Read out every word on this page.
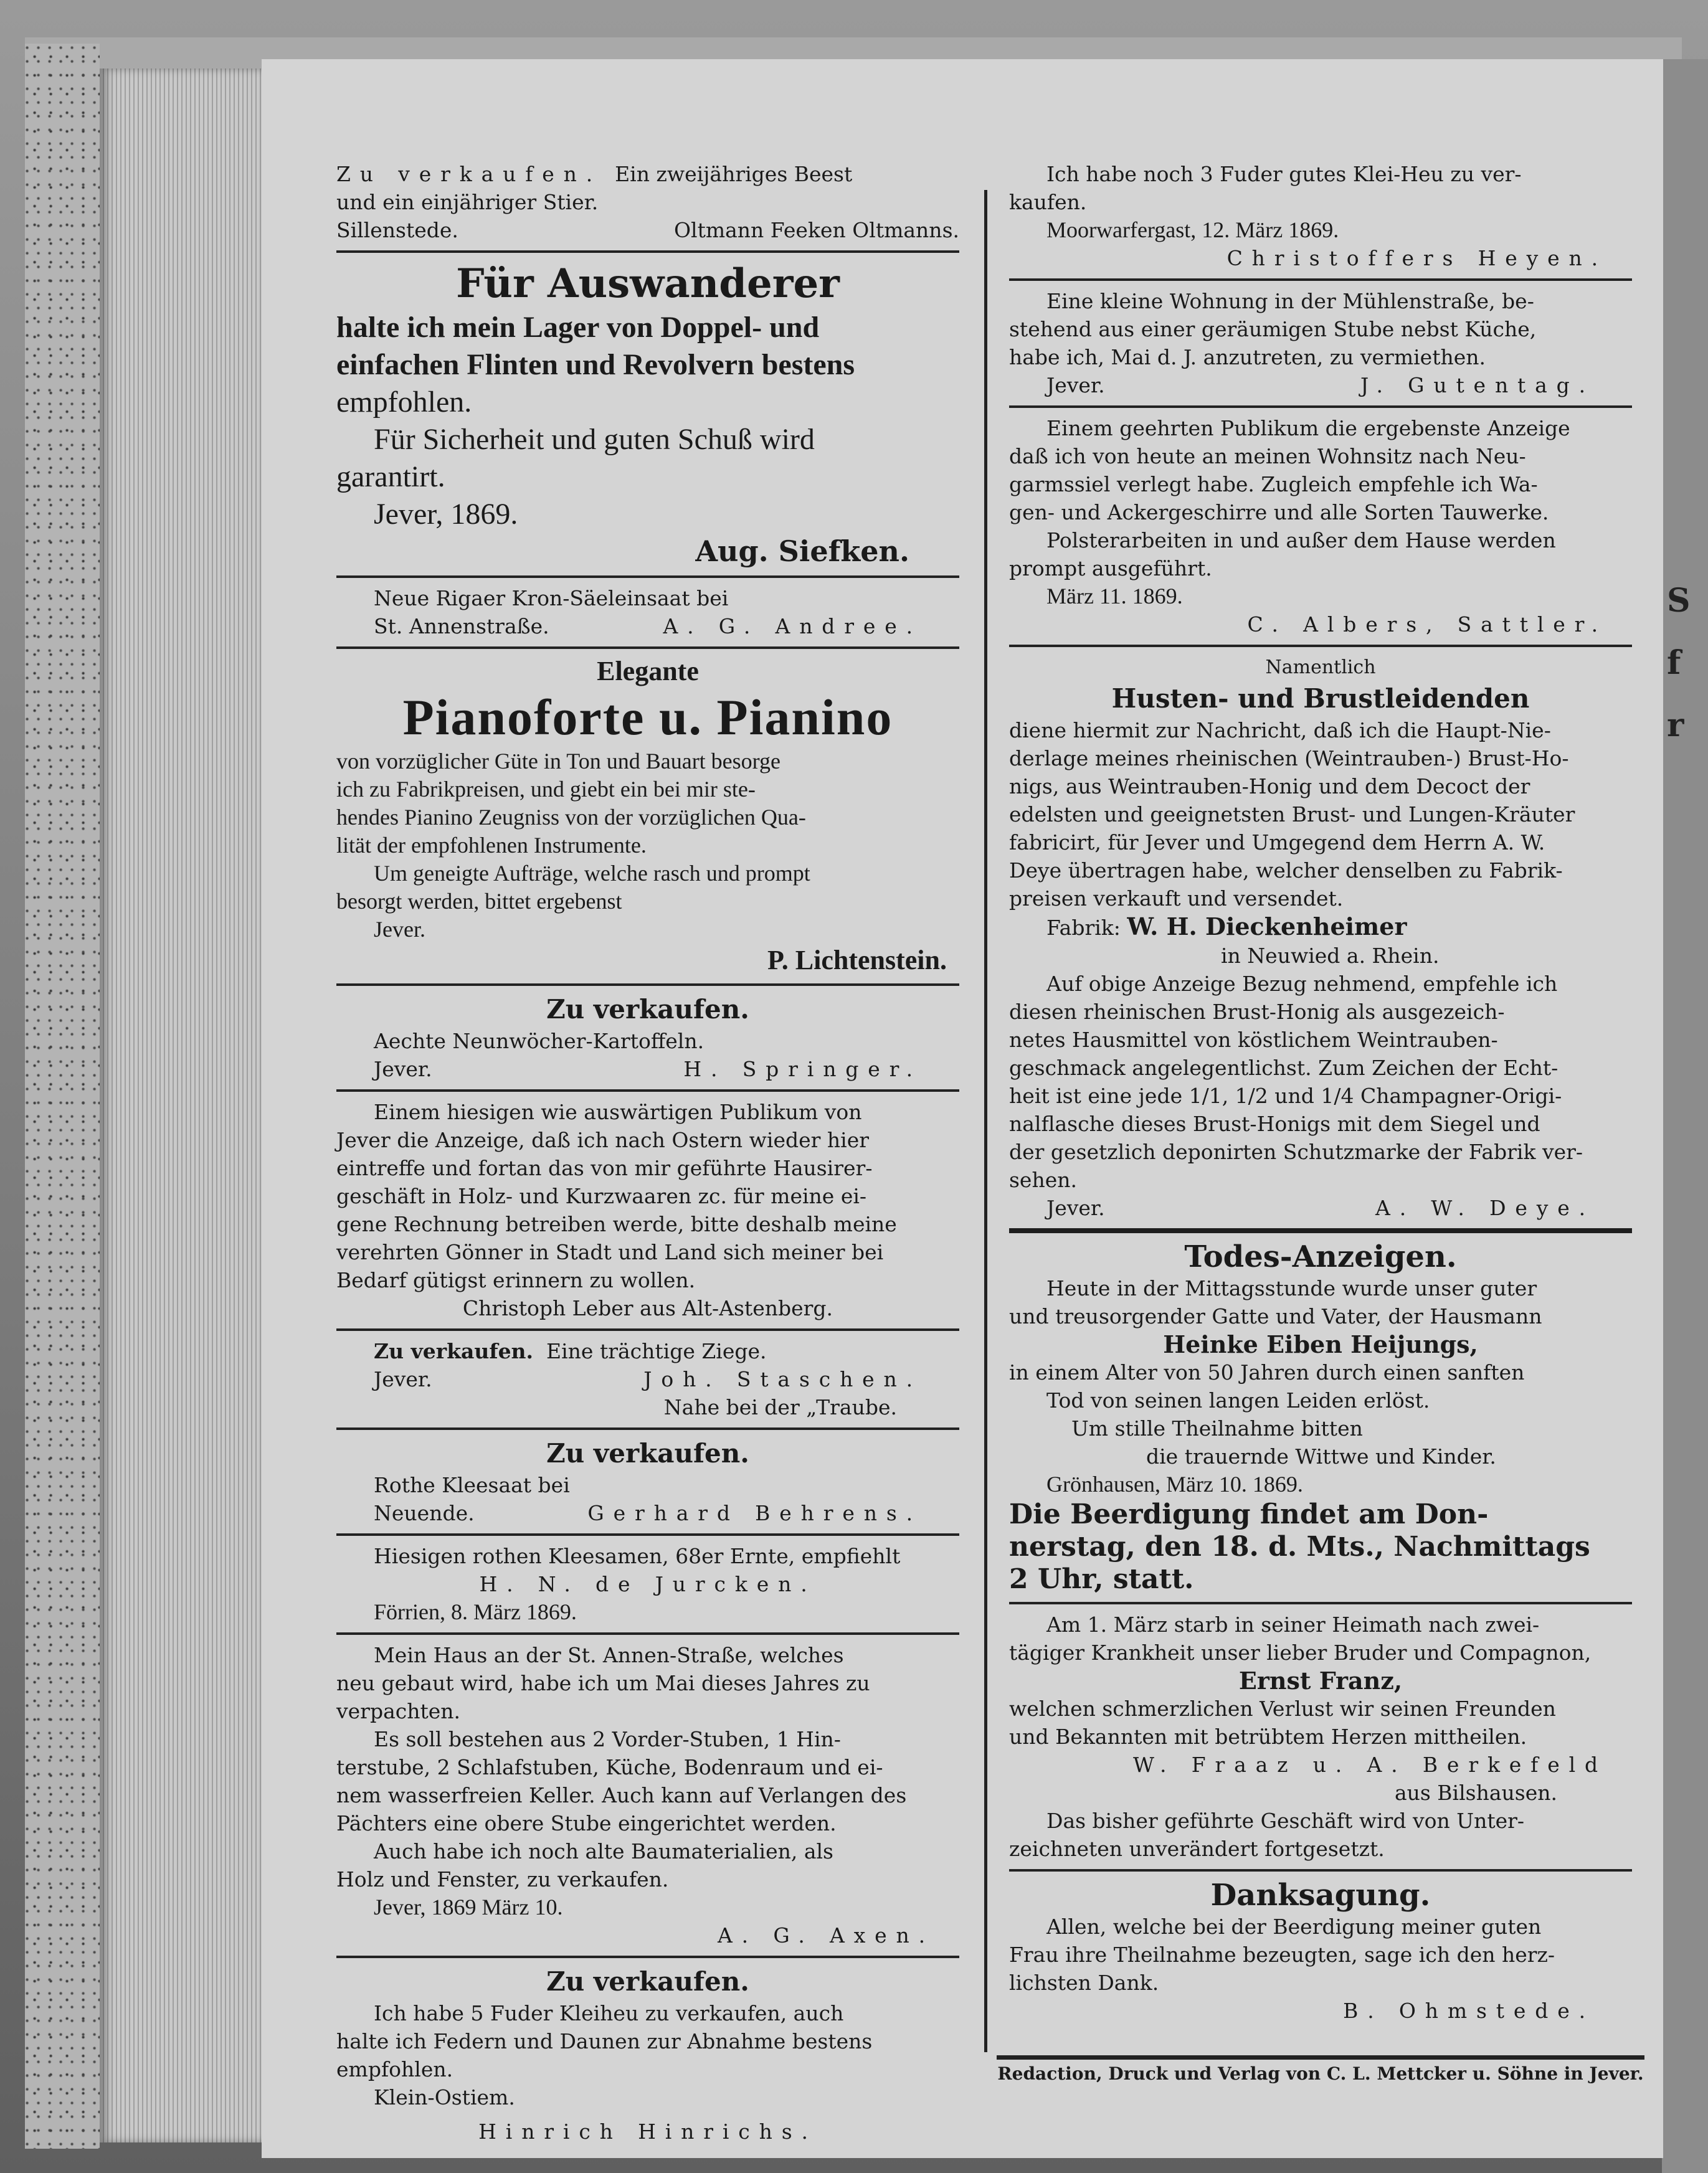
S
f
r

Zu verkaufen. Ein zweijähriges Beest

und ein einjähriger Stier.

Sillenstede.	Oltmann Feeken Oltmanns.
Für Auswanderer

halte ich mein Lager von Doppel- und

einfachen Flinten und Revolvern bestens

empfohlen.

Für Sicherheit und guten Schuß wird

garantirt.

Jever, 1869.

Aug. Siefken.

Neue Rigaer Kron-Säeleinsaat bei

St. Annenstraße.	A. G. Andree.

Elegante

Pianoforte u. Pianino

von vorzüglicher Güte in Ton und Bauart besorge

ich zu Fabrikpreisen, und giebt ein bei mir ste-

hendes Pianino Zeugniss von der vorzüglichen Qua-

lität der empfohlenen Instrumente.

Um geneigte Aufträge, welche rasch und prompt

besorgt werden, bittet ergebenst

Jever.

P. Lichtenstein.

Zu verkaufen.

Aechte Neunwöcher-Kartoffeln.

Jever.	H. Springer.

Einem hiesigen wie auswärtigen Publikum von

Jever die Anzeige, daß ich nach Ostern wieder hier

eintreffe und fortan das von mir geführte Hausirer-

geschäft in Holz- und Kurzwaaren zc. für meine ei-

gene Rechnung betreiben werde, bitte deshalb meine

verehrten Gönner in Stadt und Land sich meiner bei

Bedarf gütigst erinnern zu wollen.

Christoph Leber aus Alt-Astenberg.

Zu verkaufen. Eine trächtige Ziege.

Jever.	Joh. Staschen.

Nahe bei der „Traube.

Zu verkaufen.

Rothe Kleesaat bei

Neuende.	Gerhard Behrens.

Hiesigen rothen Kleesamen, 68er Ernte, empfiehlt

H. N. de Jurcken.

Förrien, 8. März 1869.

Mein Haus an der St. Annen-Straße, welches

neu gebaut wird, habe ich um Mai dieses Jahres zu

verpachten.

Es soll bestehen aus 2 Vorder-Stuben, 1 Hin-

terstube, 2 Schlafstuben, Küche, Bodenraum und ei-

nem wasserfreien Keller. Auch kann auf Verlangen des

Pächters eine obere Stube eingerichtet werden.

Auch habe ich noch alte Baumaterialien, als

Holz und Fenster, zu verkaufen.

Jever, 1869 März 10.

A. G. Axen.

Zu verkaufen.

Ich habe 5 Fuder Kleiheu zu verkaufen, auch

halte ich Federn und Daunen zur Abnahme bestens

empfohlen.

Klein-Ostiem.

Hinrich Hinrichs.

Ich habe noch 3 Fuder gutes Klei-Heu zu ver-

kaufen.

Moorwarfergast, 12. März 1869.

Christoffers Heyen.

Eine kleine Wohnung in der Mühlenstraße, be-

stehend aus einer geräumigen Stube nebst Küche,

habe ich, Mai d. J. anzutreten, zu vermiethen.

Jever.	J. Gutentag.

Einem geehrten Publikum die ergebenste Anzeige

daß ich von heute an meinen Wohnsitz nach Neu-

garmssiel verlegt habe. Zugleich empfehle ich Wa-

gen- und Ackergeschirre und alle Sorten Tauwerke.

Polsterarbeiten in und außer dem Hause werden

prompt ausgeführt.

März 11. 1869.

C. Albers, Sattler.

Namentlich

Husten- und Brustleidenden

diene hiermit zur Nachricht, daß ich die Haupt-Nie-

derlage meines rheinischen (Weintrauben-) Brust-Ho-

nigs, aus Weintrauben-Honig und dem Decoct der

edelsten und geeignetsten Brust- und Lungen-Kräuter

fabricirt, für Jever und Umgegend dem Herrn A. W.

Deye übertragen habe, welcher denselben zu Fabrik-

preisen verkauft und versendet.

Fabrik: W. H. Dieckenheimer

in Neuwied a. Rhein.

Auf obige Anzeige Bezug nehmend, empfehle ich

diesen rheinischen Brust-Honig als ausgezeich-

netes Hausmittel von köstlichem Weintrauben-

geschmack angelegentlichst. Zum Zeichen der Echt-

heit ist eine jede 1/1, 1/2 und 1/4 Champagner-Origi-

nalflasche dieses Brust-Honigs mit dem Siegel und

der gesetzlich deponirten Schutzmarke der Fabrik ver-

sehen.

Jever.	A. W. Deye.

Todes-Anzeigen.

Heute in der Mittagsstunde wurde unser guter

und treusorgender Gatte und Vater, der Hausmann

Heinke Eiben Heijungs,

in einem Alter von 50 Jahren durch einen sanften

Tod von seinen langen Leiden erlöst.

Um stille Theilnahme bitten

die trauernde Wittwe und Kinder.

Grönhausen, März 10. 1869.

Die Beerdigung findet am Don-

nerstag, den 18. d. Mts., Nachmittags

2 Uhr, statt.

Am 1. März starb in seiner Heimath nach zwei-

tägiger Krankheit unser lieber Bruder und Compagnon,

Ernst Franz,

welchen schmerzlichen Verlust wir seinen Freunden

und Bekannten mit betrübtem Herzen mittheilen.

W. Fraaz u. A. Berkefeld

aus Bilshausen.

Das bisher geführte Geschäft wird von Unter-

zeichneten unverändert fortgesetzt.

Danksagung.

Allen, welche bei der Beerdigung meiner guten

Frau ihre Theilnahme bezeugten, sage ich den herz-

lichsten Dank.

B. Ohmstede.

Redaction, Druck und Verlag von C. L. Mettcker u. Söhne in Jever.
